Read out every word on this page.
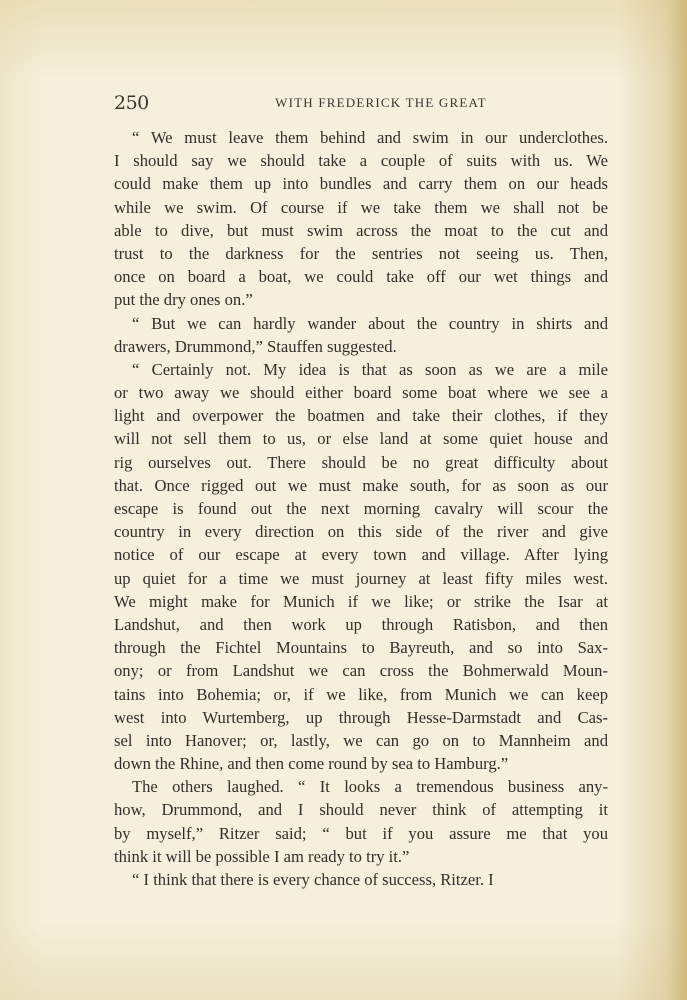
250	WITH FREDERICK THE GREAT
“ We must leave them behind and swim in our underclothes.
I should say we should take a couple of suits with us. We
could make them up into bundles and carry them on our heads
while we swim. Of course if we take them we shall not be
able to dive, but must swim across the moat to the cut and
trust to the darkness for the sentries not seeing us. Then,
once on board a boat, we could take off our wet things and
put the dry ones on.”
“ But we can hardly wander about the country in shirts and
drawers, Drummond,” Stauffen suggested.
“ Certainly not. My idea is that as soon as we are a mile
or two away we should either board some boat where we see a
light and overpower the boatmen and take their clothes, if they
will not sell them to us, or else land at some quiet house and
rig ourselves out. There should be no great difficulty about
that. Once rigged out we must make south, for as soon as our
escape is found out the next morning cavalry will scour the
country in every direction on this side of the river and give
notice of our escape at every town and village. After lying
up quiet for a time we must journey at least fifty miles west.
We might make for Munich if we like; or strike the Isar at
Landshut, and then work up through Ratisbon, and then
through the Fichtel Mountains to Bayreuth, and so into Sax-
ony; or from Landshut we can cross the Bohmerwald Moun-
tains into Bohemia; or, if we like, from Munich we can keep
west into Wurtemberg, up through Hesse-Darmstadt and Cas-
sel into Hanover; or, lastly, we can go on to Mannheim and
down the Rhine, and then come round by sea to Hamburg.”
The others laughed. “ It looks a tremendous business any-
how, Drummond, and I should never think of attempting it
by myself,” Ritzer said; “ but if you assure me that you
think it will be possible I am ready to try it.”
“ I think that there is every chance of success, Ritzer. I
